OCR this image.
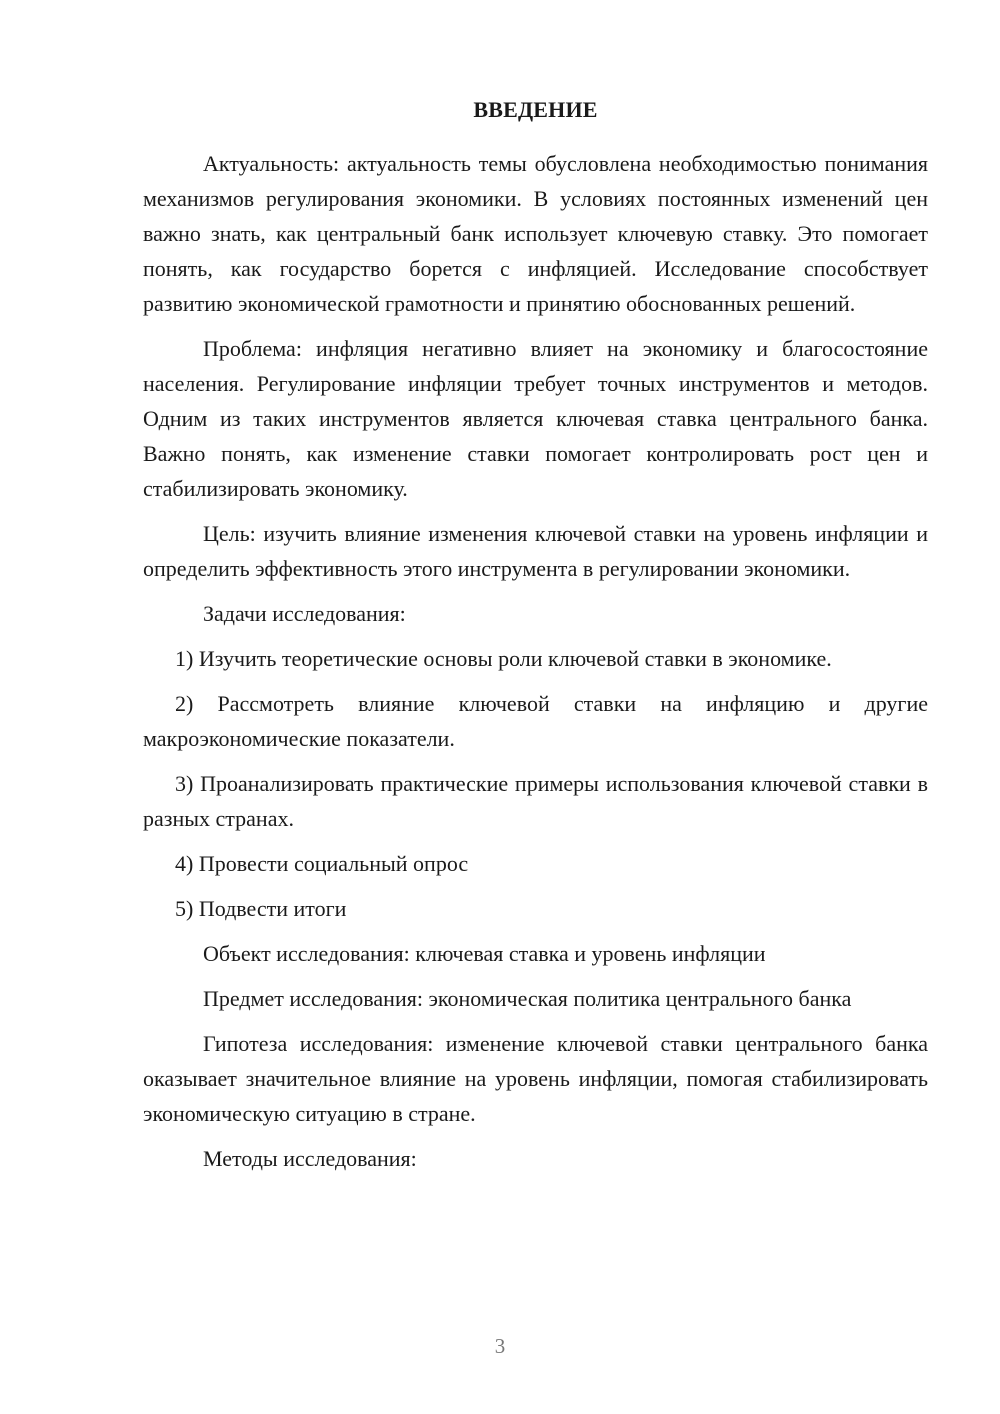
ВВЕДЕНИЕ

Актуальность: актуальность темы обусловлена необходимостью понимания механизмов регулирования экономики. В условиях постоянных изменений цен важно знать, как центральный банк использует ключевую ставку. Это помогает понять, как государство борется с инфляцией. Исследование способствует развитию экономической грамотности и принятию обоснованных решений.

Проблема: инфляция негативно влияет на экономику и благосостояние населения. Регулирование инфляции требует точных инструментов и методов. Одним из таких инструментов является ключевая ставка центрального банка. Важно понять, как изменение ставки помогает контролировать рост цен и стабилизировать экономику.

Цель: изучить влияние изменения ключевой ставки на уровень инфляции и определить эффективность этого инструмента в регулировании экономики.

Задачи исследования:

1) Изучить теоретические основы роли ключевой ставки в экономике.

2) Рассмотреть влияние ключевой ставки на инфляцию и другие макроэкономические показатели.

3) Проанализировать практические примеры использования ключевой ставки в разных странах.

4) Провести социальный опрос

5) Подвести итоги

Объект исследования: ключевая ставка и уровень инфляции

Предмет исследования: экономическая политика центрального банка

Гипотеза исследования: изменение ключевой ставки центрального банка оказывает значительное влияние на уровень инфляции, помогая стабилизировать экономическую ситуацию в стране.

Методы исследования:

3
